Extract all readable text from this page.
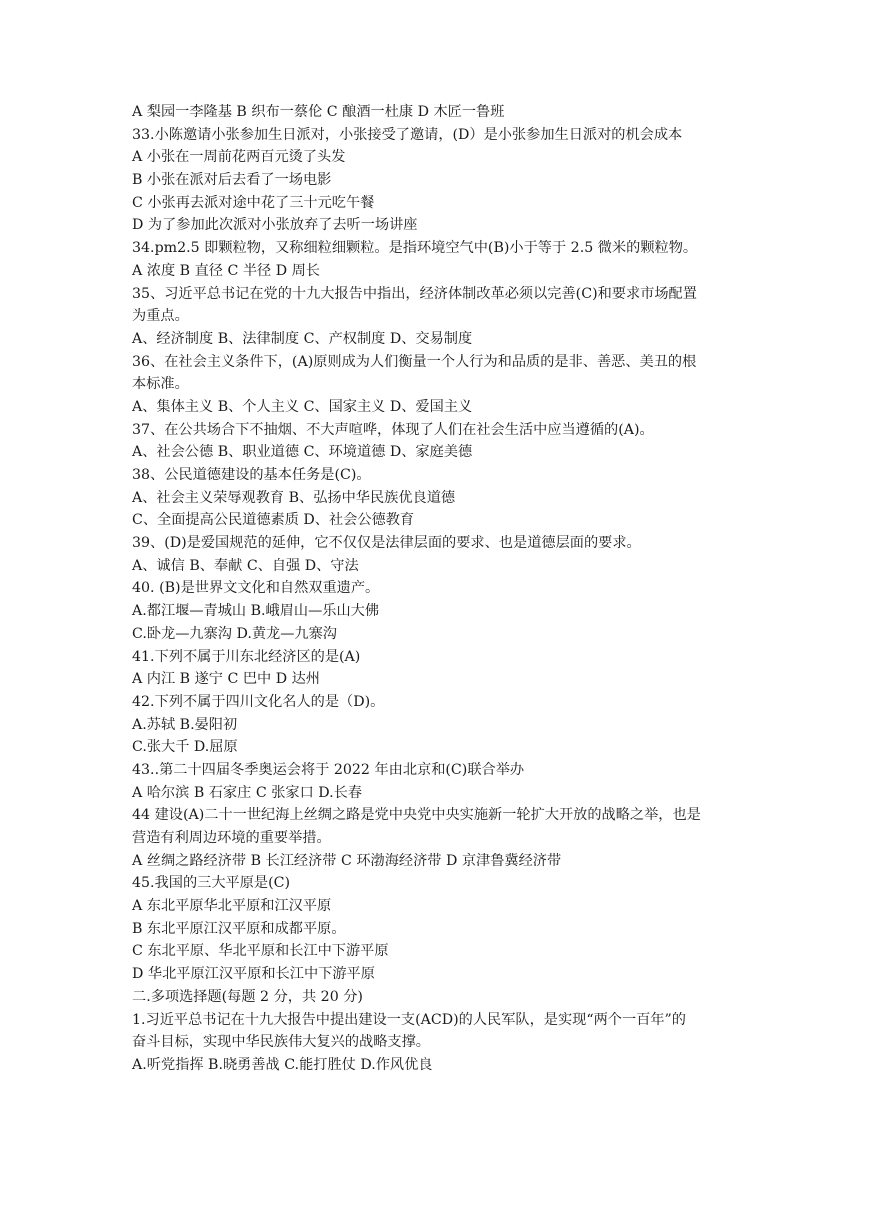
A 梨园一李隆基 B 织布一蔡伦 C 酿酒一杜康 D 木匠一鲁班
33.小陈邀请小张参加生日派对，小张接受了邀请，(D）是小张参加生日派对的机会成本
A 小张在一周前花两百元烫了头发
B 小张在派对后去看了一场电影
C 小张再去派对途中花了三十元吃午餐
D 为了参加此次派对小张放弃了去听一场讲座
34.pm2.5 即颗粒物，又称细粒细颗粒。是指环境空气中(B)小于等于 2.5 微米的颗粒物。
A 浓度 B 直径 C 半径 D 周长
35、习近平总书记在党的十九大报告中指出，经济体制改革必须以完善(C)和要求市场配置
为重点。
A、经济制度 B、法律制度 C、产权制度 D、交易制度
36、在社会主义条件下，(A)原则成为人们衡量一个人行为和品质的是非、善恶、美丑的根
本标准。
A、集体主义 B、个人主义 C、国家主义 D、爱国主义
37、在公共场合下不抽烟、不大声喧哗，体现了人们在社会生活中应当遵循的(A)。
A、社会公德 B、职业道德 C、环境道德 D、家庭美德
38、公民道德建设的基本任务是(C)。
A、社会主义荣辱观教育 B、弘扬中华民族优良道德
C、全面提高公民道德素质 D、社会公德教育
39、(D)是爱国规范的延伸，它不仅仅是法律层面的要求、也是道德层面的要求。
A、诚信 B、奉献 C、自强 D、守法
40. (B)是世界文文化和自然双重遗产。
A.都江堰—青城山 B.峨眉山—乐山大佛
C.卧龙—九寨沟 D.黄龙—九寨沟
41.下列不属于川东北经济区的是(A)
A 内江 B 遂宁 C 巴中 D 达州
42.下列不属于四川文化名人的是（D)。
A.苏轼 B.晏阳初
C.张大千 D.屈原
43..第二十四届冬季奥运会将于 2022 年由北京和(C)联合举办
A 哈尔滨 B 石家庄 C 张家口 D.长春
44 建设(A)二十一世纪海上丝绸之路是党中央党中央实施新一轮扩大开放的战略之举，也是
营造有利周边环境的重要举措。
A 丝绸之路经济带 B 长江经济带 C 环渤海经济带 D 京津鲁冀经济带
45.我国的三大平原是(C)
A 东北平原华北平原和江汉平原
B 东北平原江汉平原和成都平原。
C 东北平原、华北平原和长江中下游平原
D 华北平原江汉平原和长江中下游平原
二.多项选择题(每题 2 分，共 20 分)
1.习近平总书记在十九大报告中提出建设一支(ACD)的人民军队，是实现“两个一百年”的
奋斗目标，实现中华民族伟大复兴的战略支撑。
A.听党指挥 B.晓勇善战 C.能打胜仗 D.作风优良
